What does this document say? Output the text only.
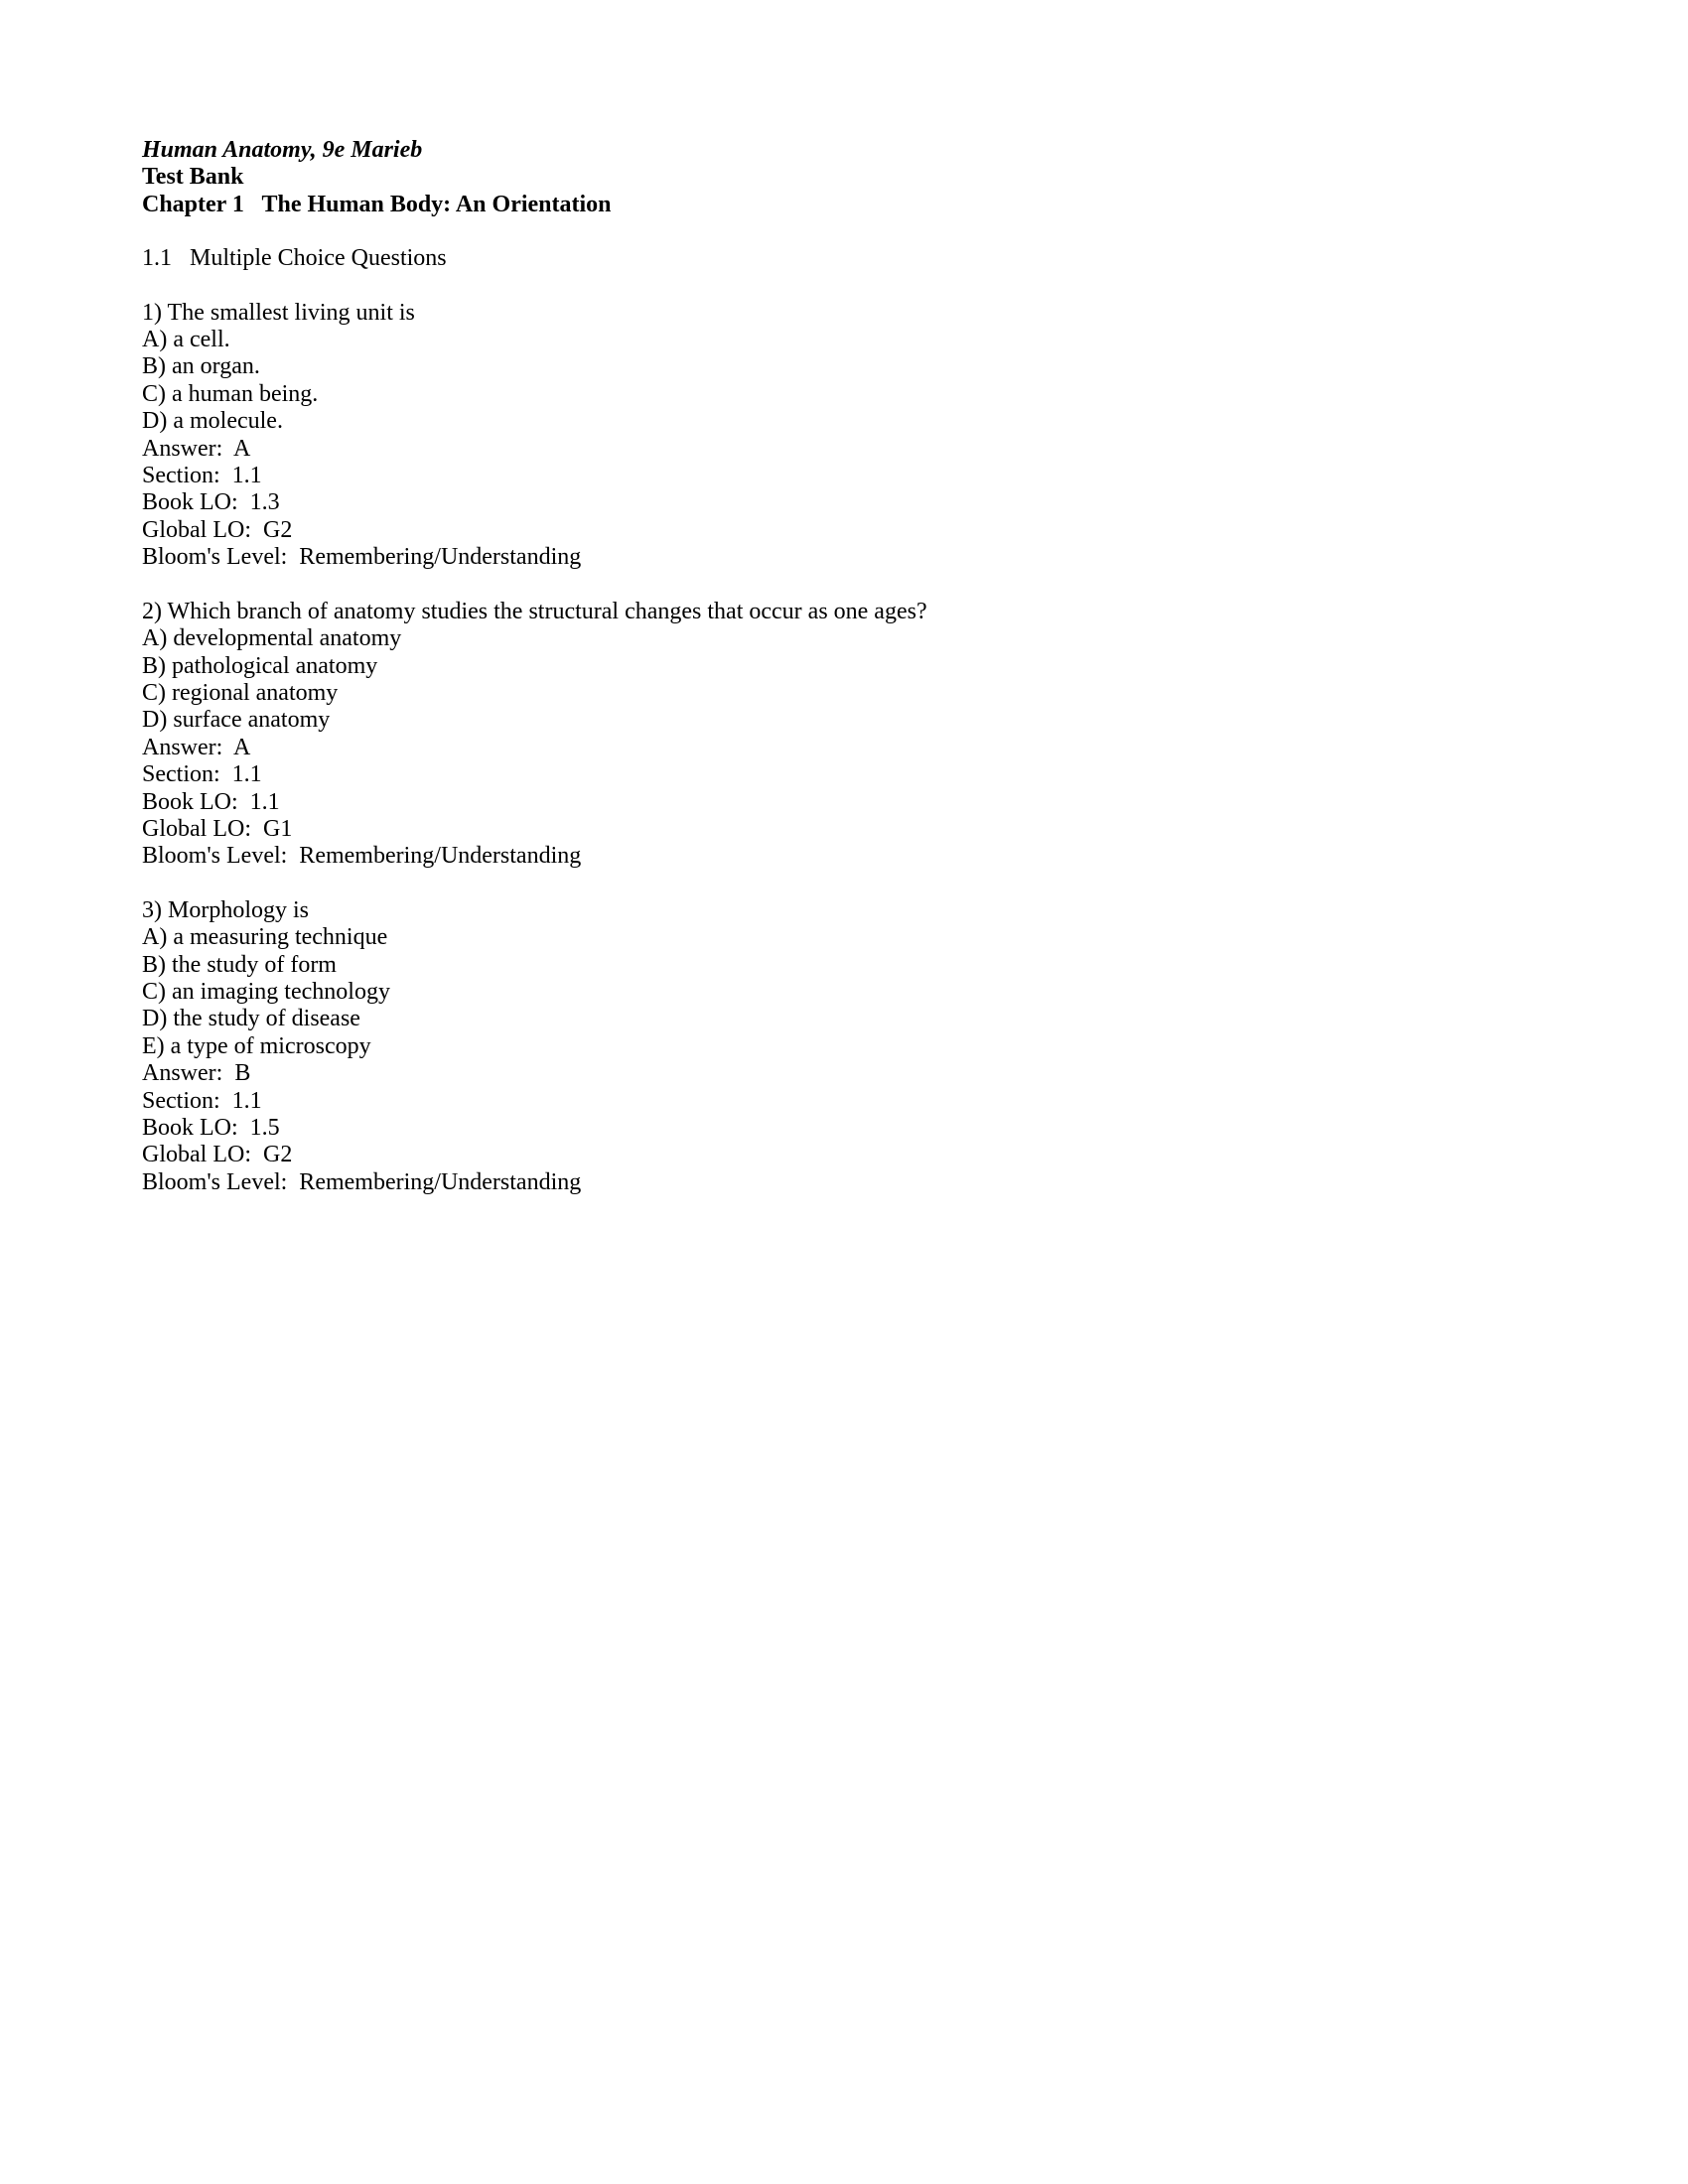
Human Anatomy, 9e Marieb
Test Bank
Chapter 1   The Human Body: An Orientation
1.1   Multiple Choice Questions
1) The smallest living unit is
A) a cell.
B) an organ.
C) a human being.
D) a molecule.
Answer:  A
Section:  1.1
Book LO:  1.3
Global LO:  G2
Bloom's Level:  Remembering/Understanding
2) Which branch of anatomy studies the structural changes that occur as one ages?
A) developmental anatomy
B) pathological anatomy
C) regional anatomy
D) surface anatomy
Answer:  A
Section:  1.1
Book LO:  1.1
Global LO:  G1
Bloom's Level:  Remembering/Understanding
3) Morphology is
A) a measuring technique
B) the study of form
C) an imaging technology
D) the study of disease
E) a type of microscopy
Answer:  B
Section:  1.1
Book LO:  1.5
Global LO:  G2
Bloom's Level:  Remembering/Understanding
